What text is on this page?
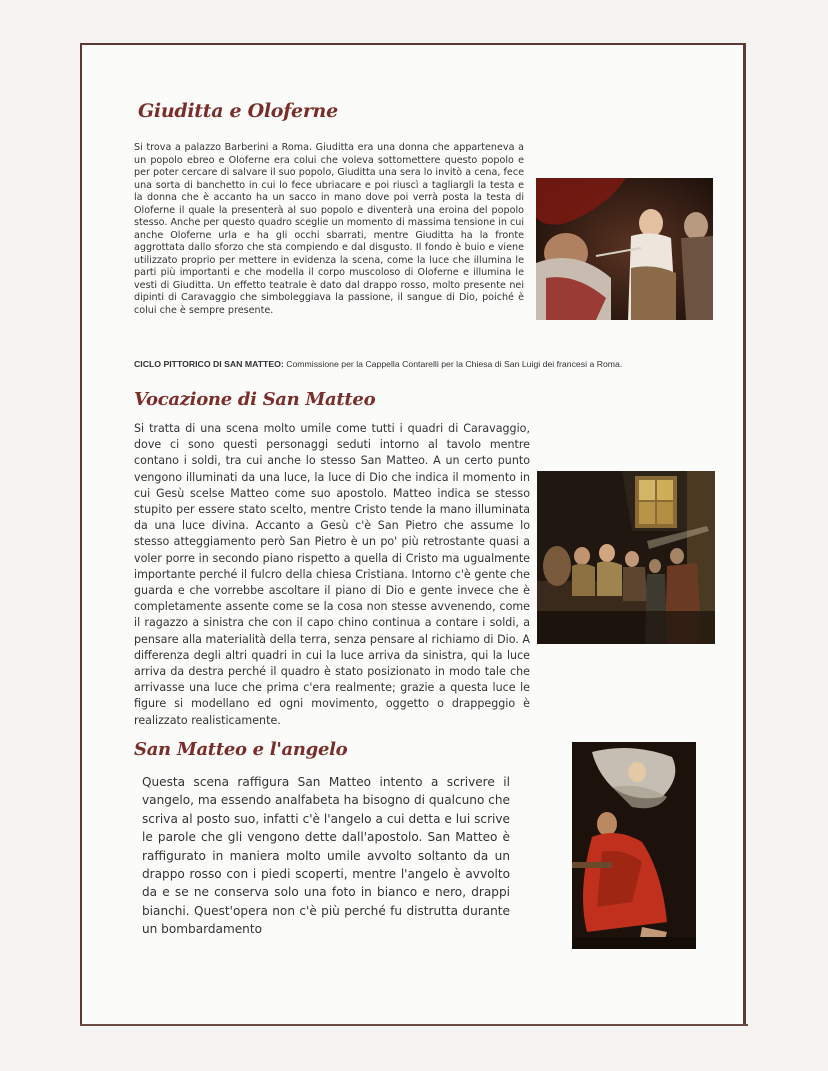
Giuditta e Oloferne

Si trova a palazzo Barberini a Roma. Giuditta era una donna che apparteneva a un popolo ebreo e Oloferne era colui che voleva sottomettere questo popolo e per poter cercare di salvare il suo popolo, Giuditta una sera lo invitò a cena, fece una sorta di banchetto in cui lo fece ubriacare e poi riuscì a tagliargli la testa e la donna che è accanto ha un sacco in mano dove poi verrà posta la testa di Oloferne il quale la presenterà al suo popolo e diventerà una eroina del popolo stesso. Anche per questo quadro sceglie un momento di massima tensione in cui anche Oloferne urla e ha gli occhi sbarrati, mentre Giuditta ha la fronte aggrottata dallo sforzo che sta compiendo e dal disgusto. Il fondo è buio e viene utilizzato proprio per mettere in evidenza la scena, come la luce che illumina le parti più importanti e che modella il corpo muscoloso di Oloferne e illumina le vesti di Giuditta. Un effetto teatrale è dato dal drappo rosso, molto presente nei dipinti di Caravaggio che simboleggiava la passione, il sangue di Dio, poiché è colui che è sempre presente.

CICLO PITTORICO DI SAN MATTEO: Commissione per la Cappella Contarelli per la Chiesa di San Luigi dei francesi a Roma.
Vocazione di San Matteo

Si tratta di una scena molto umile come tutti i quadri di Caravaggio, dove ci sono questi personaggi seduti intorno al tavolo mentre contano i soldi, tra cui anche lo stesso San Matteo. A un certo punto vengono illuminati da una luce, la luce di Dio che indica il momento in cui Gesù scelse Matteo come suo apostolo. Matteo indica se stesso stupito per essere stato scelto, mentre Cristo tende la mano illuminata da una luce divina. Accanto a Gesù c'è San Pietro che assume lo stesso atteggiamento però San Pietro è un po' più retrostante quasi a voler porre in secondo piano rispetto a quella di Cristo ma ugualmente importante perché il fulcro della chiesa Cristiana. Intorno c'è gente che guarda e che vorrebbe ascoltare il piano di Dio e gente invece che è completamente assente come se la cosa non stesse avvenendo, come il ragazzo a sinistra che con il capo chino continua a contare i soldi, a pensare alla materialità della terra, senza pensare al richiamo di Dio. A differenza degli altri quadri in cui la luce arriva da sinistra, qui la luce arriva da destra perché il quadro è stato posizionato in modo tale che arrivasse una luce che prima c'era realmente; grazie a questa luce le figure si modellano ed ogni movimento, oggetto o drappeggio è realizzato realisticamente.

San Matteo e l'angelo

Questa scena raffigura San Matteo intento a scrivere il vangelo, ma essendo analfabeta ha bisogno di qualcuno che scriva al posto suo, infatti c'è l'angelo a cui detta e lui scrive le parole che gli vengono dette dall'apostolo. San Matteo è raffigurato in maniera molto umile avvolto soltanto da un drappo rosso con i piedi scoperti, mentre l'angelo è avvolto da e se ne conserva solo una foto in bianco e nero, drappi bianchi. Quest'opera non c'è più perché fu distrutta durante un bombardamento
